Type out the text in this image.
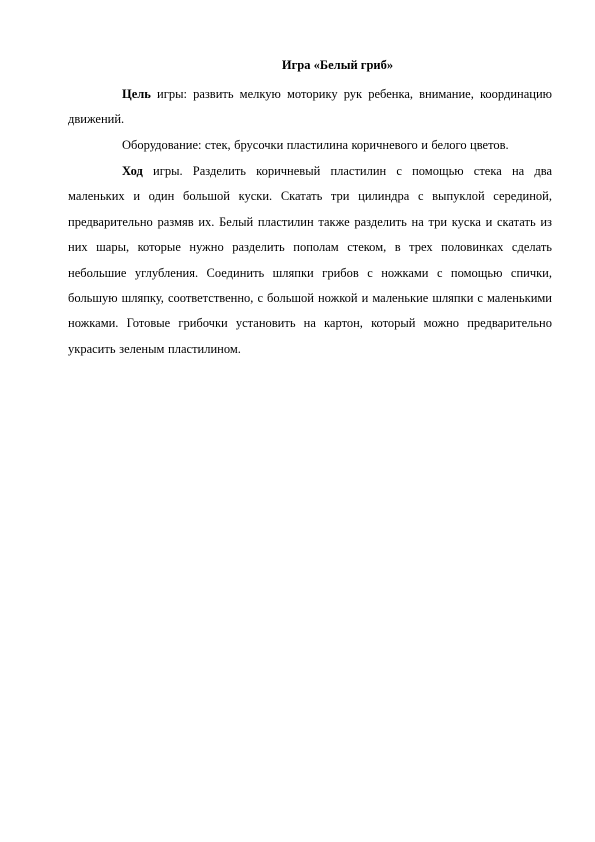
Игра «Белый гриб»
Цель игры: развить мелкую моторику рук ребенка, внимание, координацию движений.
Оборудование: стек, брусочки пластилина коричневого и белого цветов.
Ход игры. Разделить коричневый пластилин с помощью стека на два маленьких и один большой куски. Скатать три цилиндра с выпуклой серединой, предварительно размяв их. Белый пластилин также разделить на три куска и скатать из них шары, которые нужно разделить пополам стеком, в трех половинках сделать небольшие углубления. Соединить шляпки грибов с ножками с помощью спички, большую шляпку, соответственно, с большой ножкой и маленькие шляпки с маленькими ножками. Готовые грибочки установить на картон, который можно предварительно украсить зеленым пластилином.
